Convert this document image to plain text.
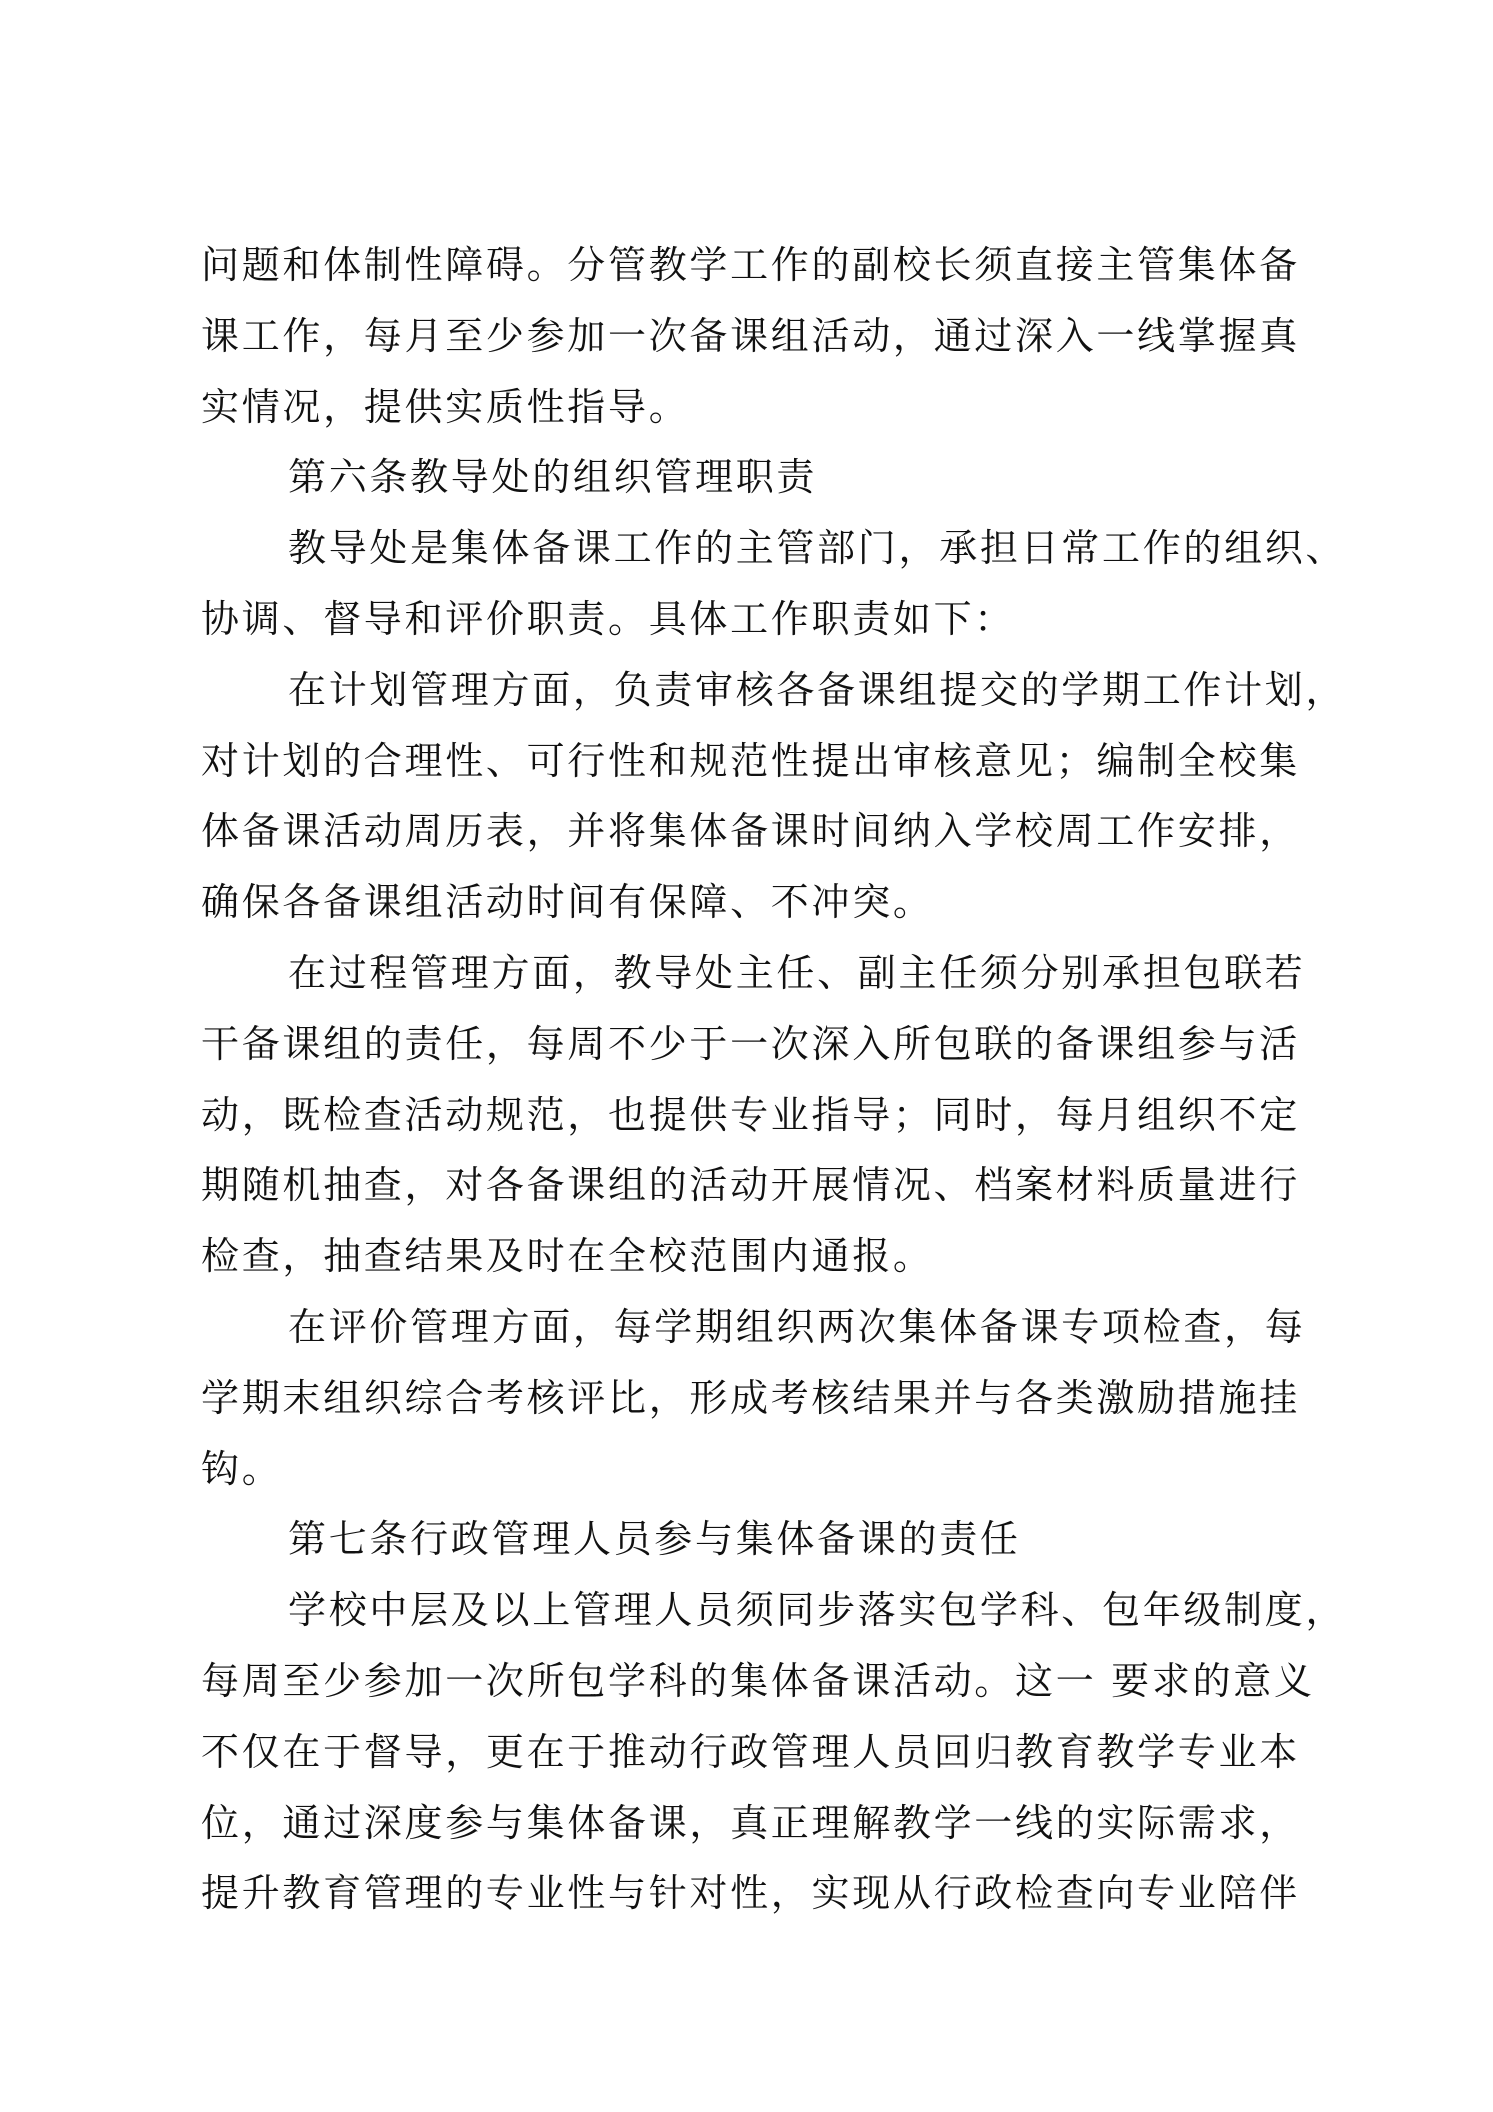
问题和体制性障碍。分管教学工作的副校长须直接主管集体备
课工作，每月至少参加一次备课组活动，通过深入一线掌握真
实情况，提供实质性指导。
第六条教导处的组织管理职责
教导处是集体备课工作的主管部门，承担日常工作的组织、
协调、督导和评价职责。具体工作职责如下：
在计划管理方面，负责审核各备课组提交的学期工作计划，
对计划的合理性、可行性和规范性提出审核意见；编制全校集
体备课活动周历表，并将集体备课时间纳入学校周工作安排，
确保各备课组活动时间有保障、不冲突。
在过程管理方面，教导处主任、副主任须分别承担包联若
干备课组的责任，每周不少于一次深入所包联的备课组参与活
动，既检查活动规范，也提供专业指导；同时，每月组织不定
期随机抽查，对各备课组的活动开展情况、档案材料质量进行
检查，抽查结果及时在全校范围内通报。
在评价管理方面，每学期组织两次集体备课专项检查，每
学期末组织综合考核评比，形成考核结果并与各类激励措施挂
钩。
第七条行政管理人员参与集体备课的责任
学校中层及以上管理人员须同步落实包学科、包年级制度，
每周至少参加一次所包学科的集体备课活动。这一 要求的意义
不仅在于督导，更在于推动行政管理人员回归教育教学专业本
位，通过深度参与集体备课，真正理解教学一线的实际需求，
提升教育管理的专业性与针对性，实现从行政检查向专业陪伴
